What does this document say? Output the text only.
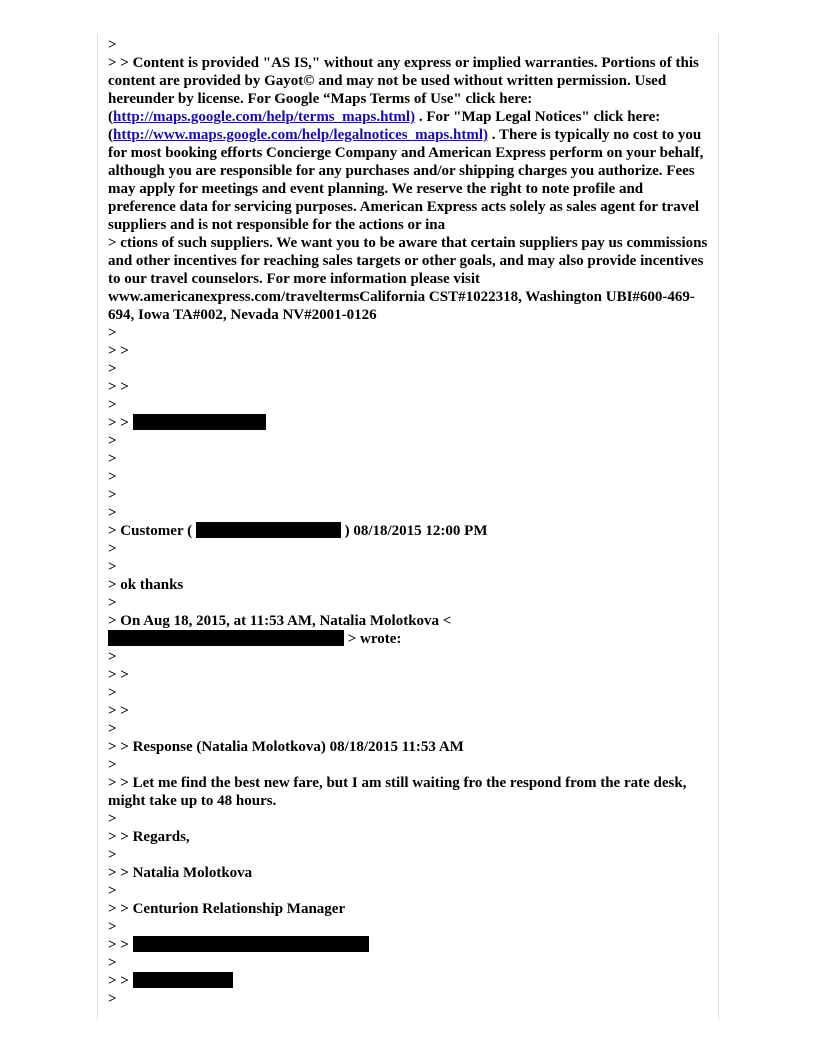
>
> > Content is provided "AS IS," without any express or implied warranties. Portions of this content are provided by Gayot© and may not be used without written permission. Used hereunder by license. For Google “Maps Terms of Use" click here: (http://maps.google.com/help/terms_maps.html) . For "Map Legal Notices" click here: (http://www.maps.google.com/help/legalnotices_maps.html) . There is typically no cost to you for most booking efforts Concierge Company and American Express perform on your behalf, although you are responsible for any purchases and/or shipping charges you authorize. Fees may apply for meetings and event planning. We reserve the right to note profile and preference data for servicing purposes. American Express acts solely as sales agent for travel suppliers and is not responsible for the actions or ina
> ctions of such suppliers. We want you to be aware that certain suppliers pay us commissions and other incentives for reaching sales targets or other goals, and may also provide incentives to our travel counselors. For more information please visit www.americanexpress.com/traveltermsCalifornia CST#1022318, Washington UBI#600-469-694, Iowa TA#002, Nevada NV#2001-0126
>
> >
>
> >
>
> >
>
>
>
>
>
> Customer (	) 08/18/2015 12:00 PM
>
>
> ok thanks
>
> On Aug 18, 2015, at 11:53 AM, Natalia Molotkova <
> wrote:
>
> >
>
> >
>
> > Response (Natalia Molotkova) 08/18/2015 11:53 AM
>
> > Let me find the best new fare, but I am still waiting fro the respond from the rate desk, might take up to 48 hours.
>
> > Regards,
>
> > Natalia Molotkova
>
> > Centurion Relationship Manager
>
> >
>
> >
>
